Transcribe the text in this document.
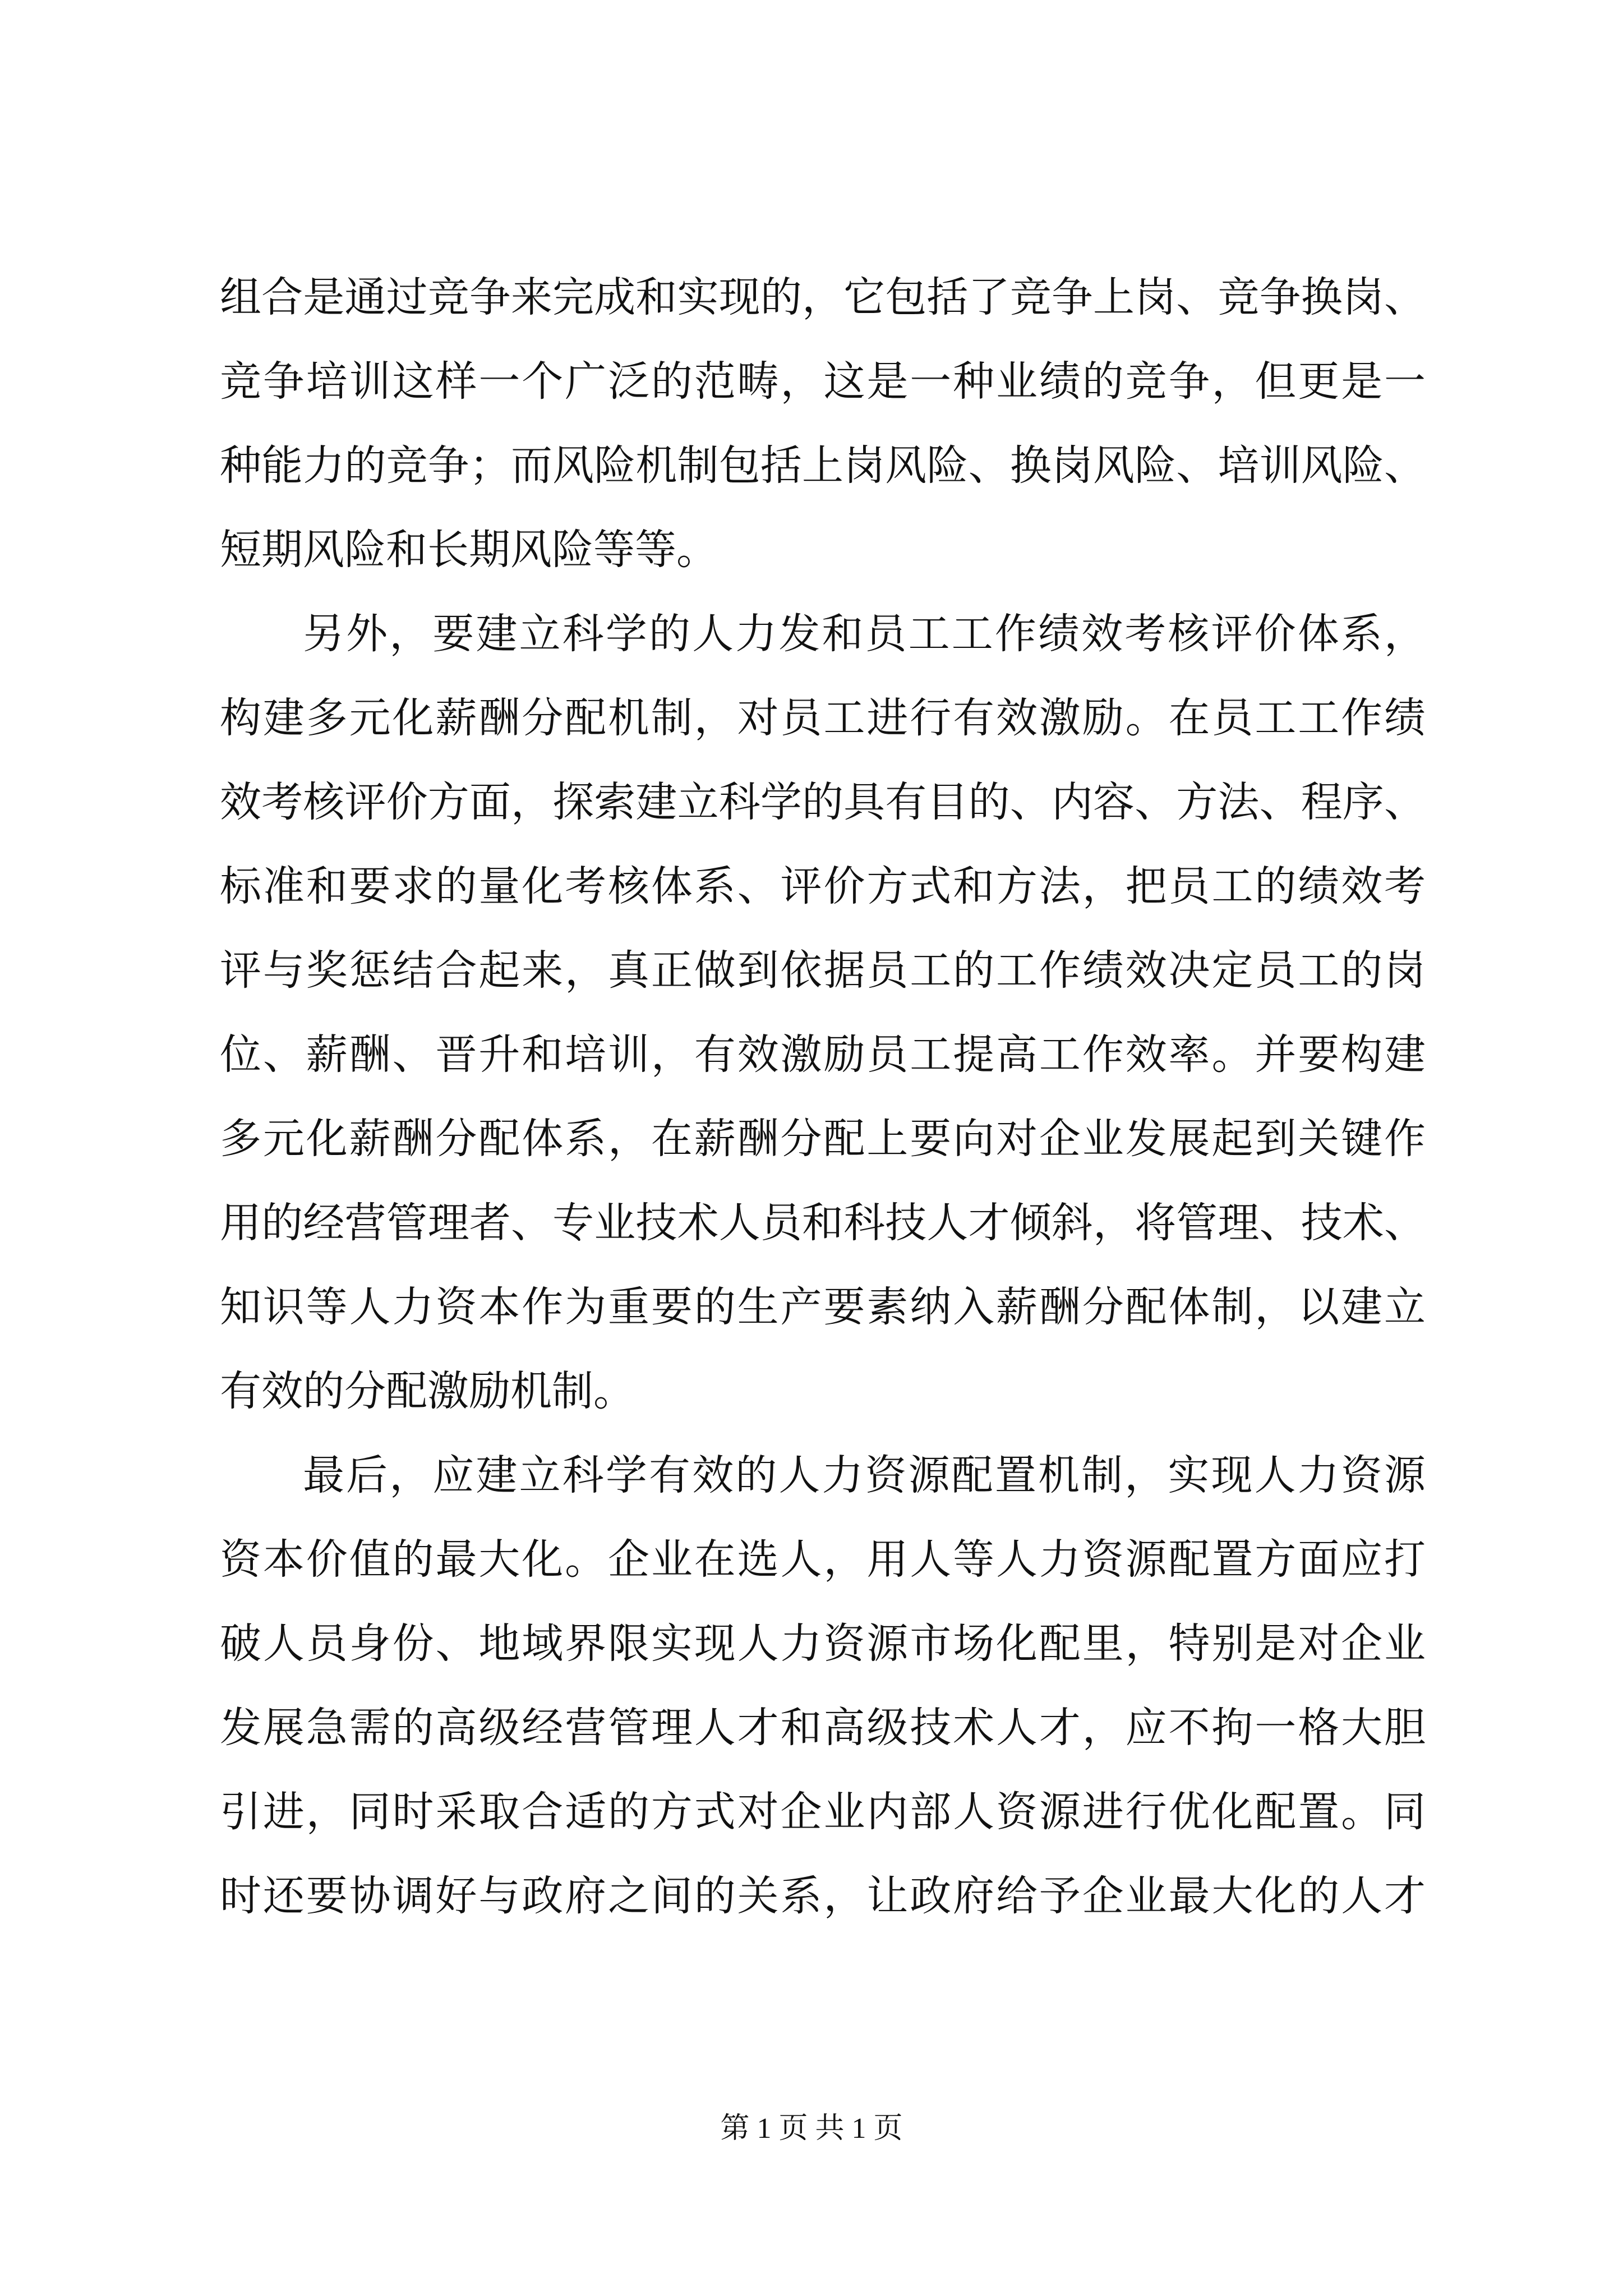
组合是通过竞争来完成和实现的，它包括了竞争上岗、竞争换岗、
竞争培训这样一个广泛的范畴，这是一种业绩的竞争，但更是一
种能力的竞争；而风险机制包括上岗风险、换岗风险、培训风险、
短期风险和长期风险等等。
另外，要建立科学的人力发和员工工作绩效考核评价体系，
构建多元化薪酬分配机制，对员工进行有效激励。在员工工作绩
效考核评价方面，探索建立科学的具有目的、内容、方法、程序、
标准和要求的量化考核体系、评价方式和方法，把员工的绩效考
评与奖惩结合起来，真正做到依据员工的工作绩效决定员工的岗
位、薪酬、晋升和培训，有效激励员工提高工作效率。并要构建
多元化薪酬分配体系，在薪酬分配上要向对企业发展起到关键作
用的经营管理者、专业技术人员和科技人才倾斜，将管理、技术、
知识等人力资本作为重要的生产要素纳入薪酬分配体制，以建立
有效的分配激励机制。
最后，应建立科学有效的人力资源配置机制，实现人力资源
资本价值的最大化。企业在选人，用人等人力资源配置方面应打
破人员身份、地域界限实现人力资源市场化配里，特别是对企业
发展急需的高级经营管理人才和高级技术人才，应不拘一格大胆
引进，同时采取合适的方式对企业内部人资源进行优化配置。同
时还要协调好与政府之间的关系，让政府给予企业最大化的人才
第 1 页 共 1 页
